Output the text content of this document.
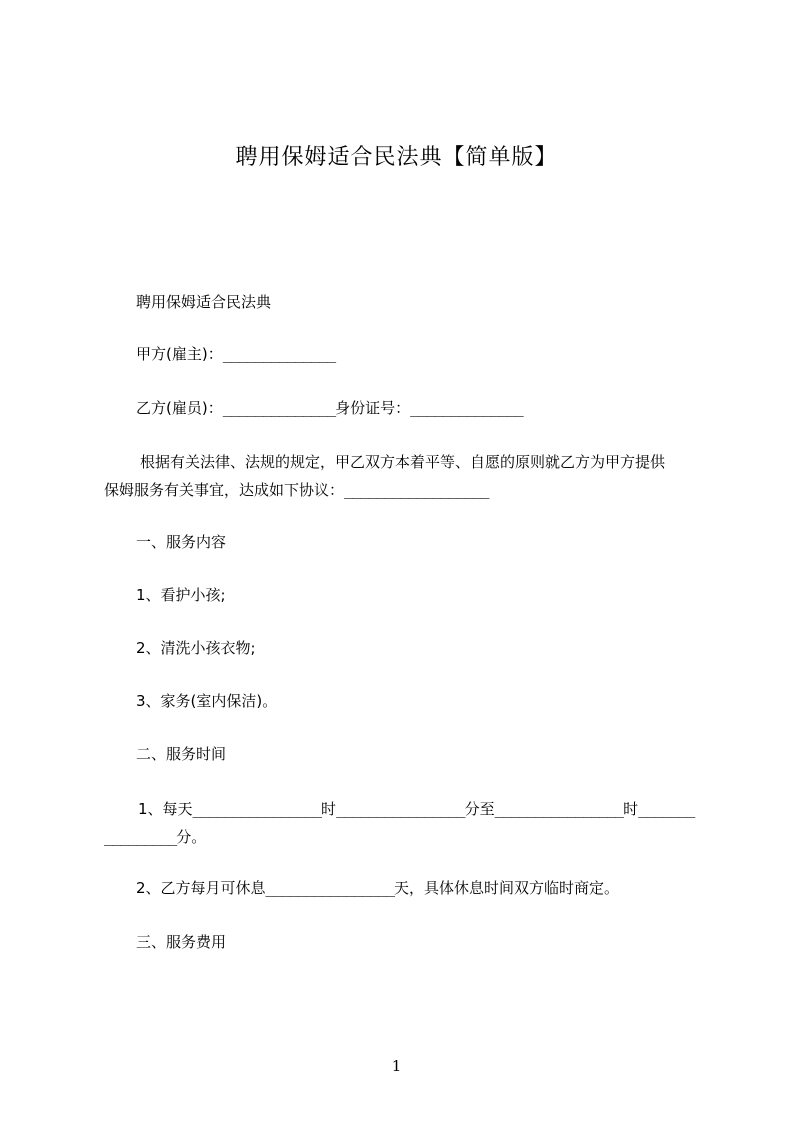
聘用保姆适合民法典【简单版】
聘用保姆适合民法典
甲方(雇主)：______________
乙方(雇员)：______________身份证号：______________
根据有关法律、法规的规定，甲乙双方本着平等、自愿的原则就乙方为甲方提供
保姆服务有关事宜，达成如下协议：__________________
一、服务内容
1、看护小孩;
2、清洗小孩衣物;
3、家务(室内保洁)。
二、服务时间
1、每天________________时________________分至________________时_______
_________分。
2、乙方每月可休息________________天，具体休息时间双方临时商定。
三、服务费用
1
